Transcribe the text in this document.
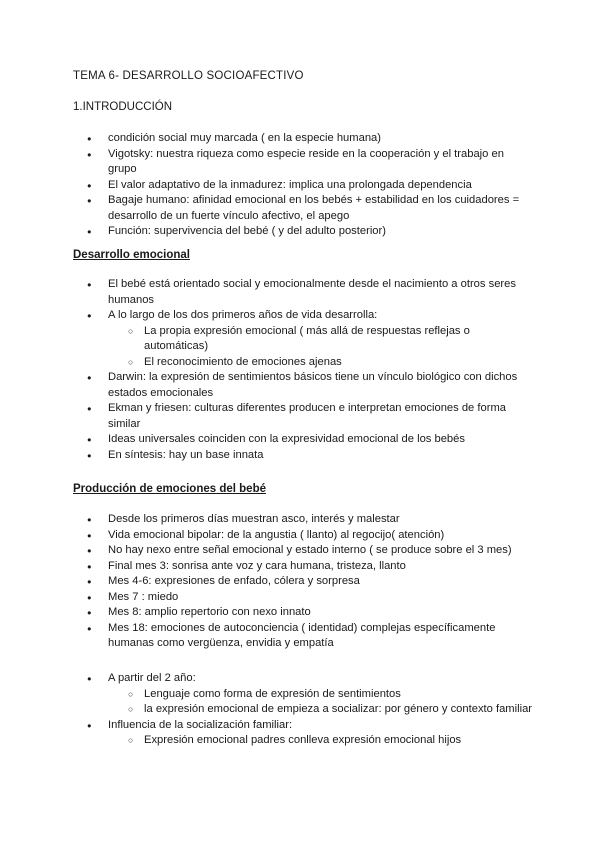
TEMA 6- DESARROLLO SOCIOAFECTIVO
1.INTRODUCCIÓN
● condición social muy marcada ( en la especie humana)
● Vigotsky: nuestra riqueza como especie reside en la cooperación y el trabajo en grupo
● El valor adaptativo de la inmadurez: implica una prolongada dependencia
● Bagaje humano: afinidad emocional en los bebés + estabilidad en los cuidadores = desarrollo de un fuerte vínculo afectivo, el apego
● Función: supervivencia del bebé ( y del adulto posterior)
Desarrollo emocional
● El bebé está orientado social y emocionalmente desde el nacimiento a otros seres humanos
● A lo largo de los dos primeros años de vida desarrolla:
○ La propia expresión emocional ( más allá de respuestas reflejas o automáticas)
○ El reconocimiento de emociones ajenas
● Darwin: la expresión de sentimientos básicos tiene un vínculo biológico con dichos estados emocionales
● Ekman y friesen: culturas diferentes producen e interpretan emociones de forma similar
● Ideas universales coinciden con la expresividad emocional de los bebés
● En síntesis: hay un base innata
Producción de emociones del bebé
● Desde los primeros días muestran asco, interés y malestar
● Vida emocional bipolar: de la angustia ( llanto) al regocijo( atención)
● No hay nexo entre señal emocional y estado interno ( se produce sobre el 3 mes)
● Final mes 3: sonrisa ante voz y cara humana, tristeza, llanto
● Mes 4-6: expresiones de enfado, cólera y sorpresa
● Mes 7 : miedo
● Mes 8: amplio repertorio con nexo innato
● Mes 18: emociones de autoconciencia ( identidad) complejas específicamente humanas como vergüenza, envidia y empatía
● A partir del 2 año:
○ Lenguaje como forma de expresión de sentimientos
○ la expresión emocional de empieza a socializar: por género y contexto familiar
● Influencia de la socialización familiar:
○ Expresión emocional padres conlleva expresión emocional hijos
